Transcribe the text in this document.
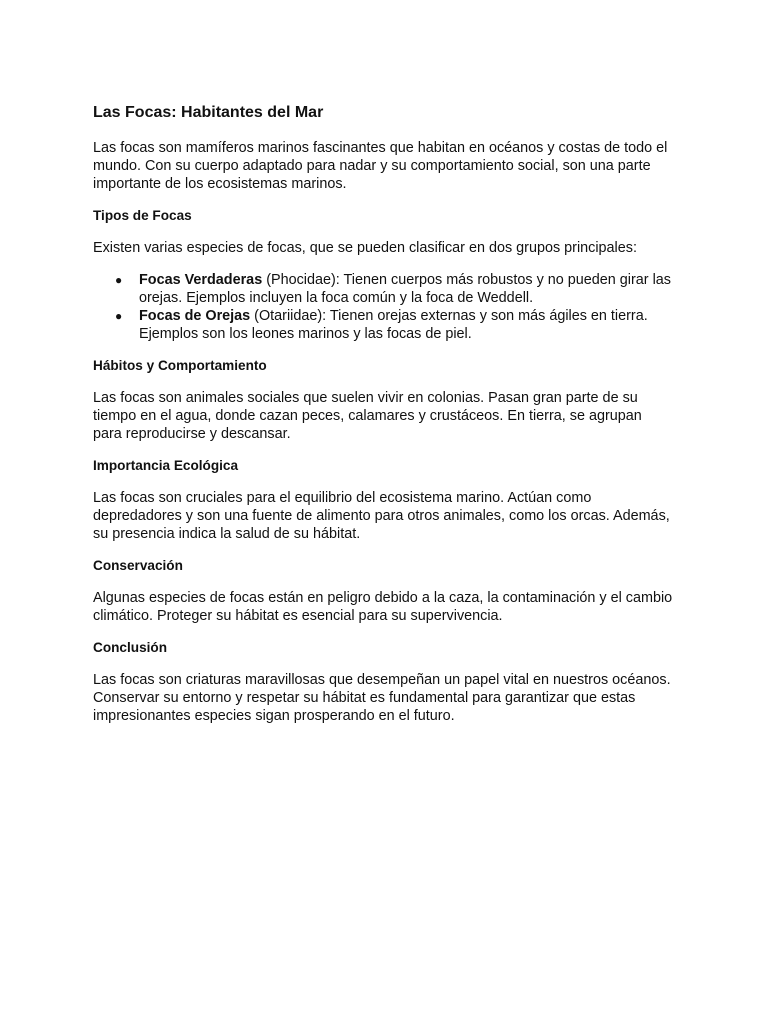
Las Focas: Habitantes del Mar

Las focas son mamíferos marinos fascinantes que habitan en océanos y costas de todo el mundo. Con su cuerpo adaptado para nadar y su comportamiento social, son una parte importante de los ecosistemas marinos.

Tipos de Focas

Existen varias especies de focas, que se pueden clasificar en dos grupos principales:

● Focas Verdaderas (Phocidae): Tienen cuerpos más robustos y no pueden girar las orejas. Ejemplos incluyen la foca común y la foca de Weddell.
● Focas de Orejas (Otariidae): Tienen orejas externas y son más ágiles en tierra. Ejemplos son los leones marinos y las focas de piel.
Hábitos y Comportamiento

Las focas son animales sociales que suelen vivir en colonias. Pasan gran parte de su tiempo en el agua, donde cazan peces, calamares y crustáceos. En tierra, se agrupan para reproducirse y descansar.

Importancia Ecológica

Las focas son cruciales para el equilibrio del ecosistema marino. Actúan como depredadores y son una fuente de alimento para otros animales, como los orcas. Además, su presencia indica la salud de su hábitat.

Conservación

Algunas especies de focas están en peligro debido a la caza, la contaminación y el cambio climático. Proteger su hábitat es esencial para su supervivencia.

Conclusión

Las focas son criaturas maravillosas que desempeñan un papel vital en nuestros océanos. Conservar su entorno y respetar su hábitat es fundamental para garantizar que estas impresionantes especies sigan prosperando en el futuro.
